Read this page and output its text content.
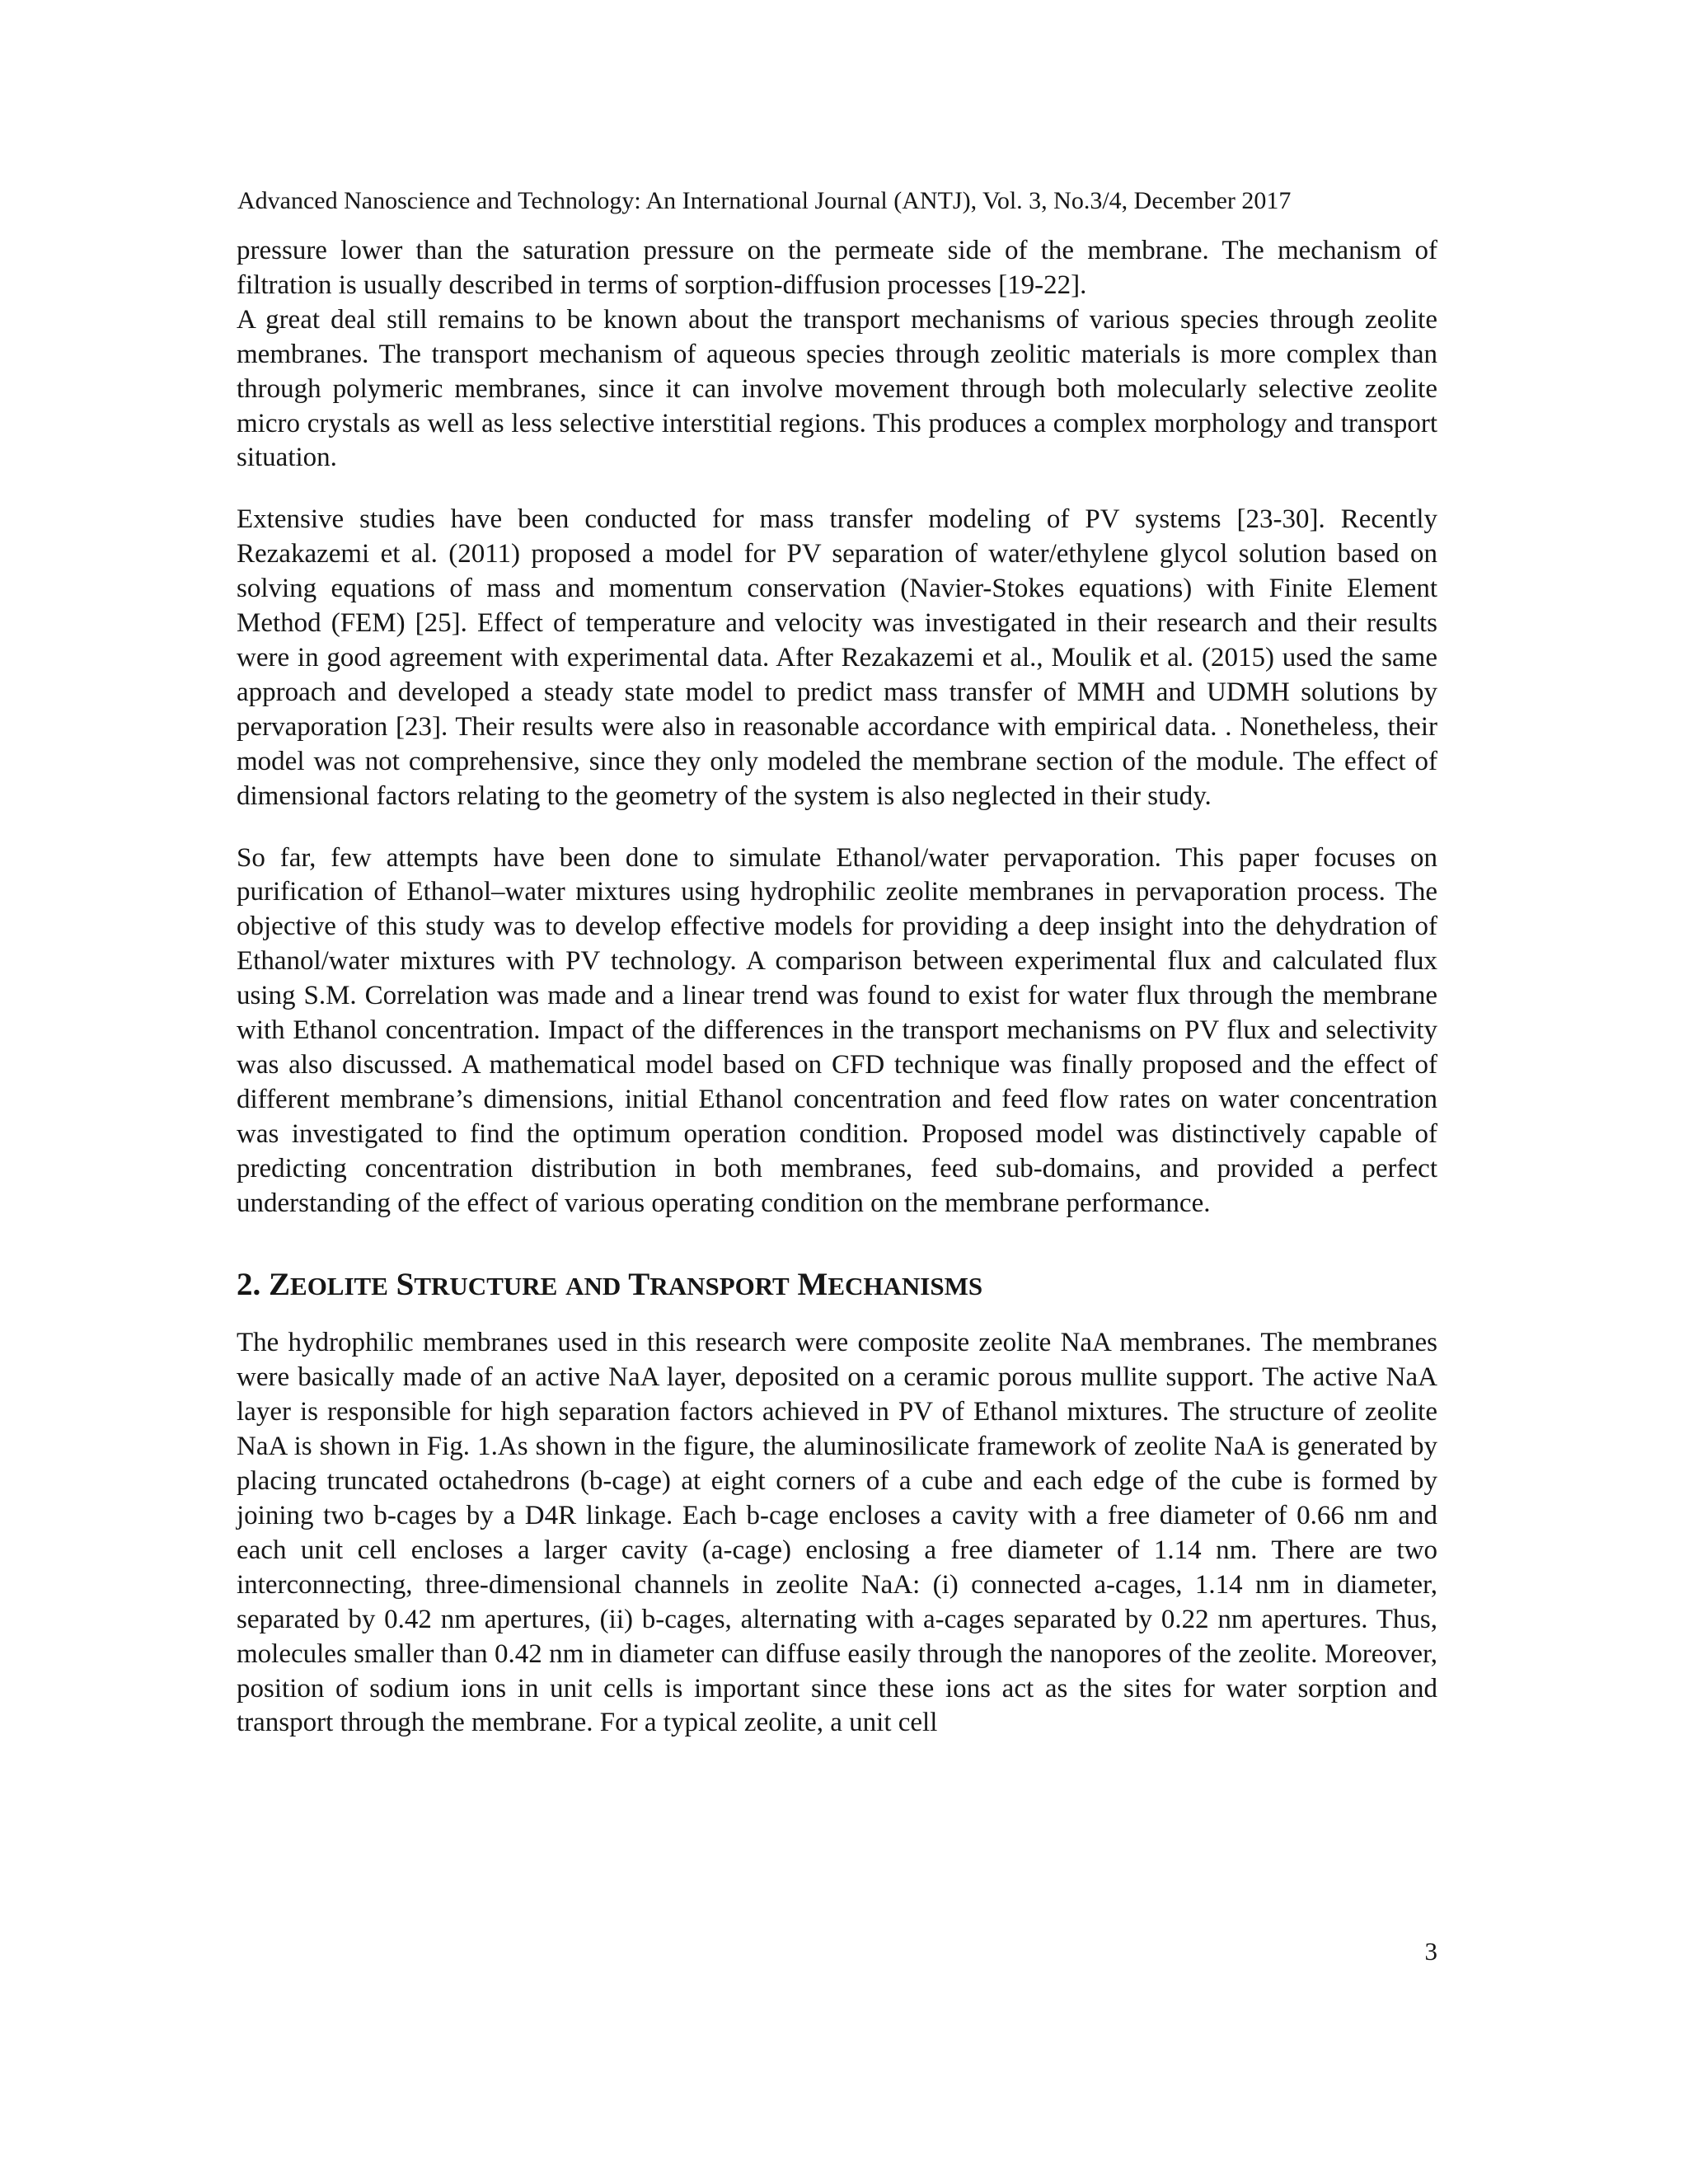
Advanced Nanoscience and Technology: An International Journal (ANTJ), Vol. 3, No.3/4, December 2017

pressure lower than the saturation pressure on the permeate side of the membrane. The mechanism of filtration is usually described in terms of sorption-diffusion processes [19-22].

A great deal still remains to be known about the transport mechanisms of various species through zeolite membranes. The transport mechanism of aqueous species through zeolitic materials is more complex than through polymeric membranes, since it can involve movement through both molecularly selective zeolite micro crystals as well as less selective interstitial regions. This produces a complex morphology and transport situation.

Extensive studies have been conducted for mass transfer modeling of PV systems [23-30]. Recently Rezakazemi et al. (2011) proposed a model for PV separation of water/ethylene glycol solution based on solving equations of mass and momentum conservation (Navier-Stokes equations) with Finite Element Method (FEM) [25]. Effect of temperature and velocity was investigated in their research and their results were in good agreement with experimental data. After Rezakazemi et al., Moulik et al. (2015) used the same approach and developed a steady state model to predict mass transfer of MMH and UDMH solutions by pervaporation [23]. Their results were also in reasonable accordance with empirical data. . Nonetheless, their model was not comprehensive, since they only modeled the membrane section of the module. The effect of dimensional factors relating to the geometry of the system is also neglected in their study.

So far, few attempts have been done to simulate Ethanol/water pervaporation. This paper focuses on purification of Ethanol–water mixtures using hydrophilic zeolite membranes in pervaporation process. The objective of this study was to develop effective models for providing a deep insight into the dehydration of Ethanol/water mixtures with PV technology. A comparison between experimental flux and calculated flux using S.M. Correlation was made and a linear trend was found to exist for water flux through the membrane with Ethanol concentration. Impact of the differences in the transport mechanisms on PV flux and selectivity was also discussed. A mathematical model based on CFD technique was finally proposed and the effect of different membrane’s dimensions, initial Ethanol concentration and feed flow rates on water concentration was investigated to find the optimum operation condition. Proposed model was distinctively capable of predicting concentration distribution in both membranes, feed sub-domains, and provided a perfect understanding of the effect of various operating condition on the membrane performance.

2. ZEOLITE STRUCTURE AND TRANSPORT MECHANISMS

The hydrophilic membranes used in this research were composite zeolite NaA membranes. The membranes were basically made of an active NaA layer, deposited on a ceramic porous mullite support. The active NaA layer is responsible for high separation factors achieved in PV of Ethanol mixtures. The structure of zeolite NaA is shown in Fig. 1.As shown in the figure, the aluminosilicate framework of zeolite NaA is generated by placing truncated octahedrons (b-cage) at eight corners of a cube and each edge of the cube is formed by joining two b-cages by a D4R linkage. Each b-cage encloses a cavity with a free diameter of 0.66 nm and each unit cell encloses a larger cavity (a-cage) enclosing a free diameter of 1.14 nm. There are two interconnecting, three-dimensional channels in zeolite NaA: (i) connected a-cages, 1.14 nm in diameter, separated by 0.42 nm apertures, (ii) b-cages, alternating with a-cages separated by 0.22 nm apertures. Thus, molecules smaller than 0.42 nm in diameter can diffuse easily through the nanopores of the zeolite. Moreover, position of sodium ions in unit cells is important since these ions act as the sites for water sorption and transport through the membrane. For a typical zeolite, a unit cell

3
